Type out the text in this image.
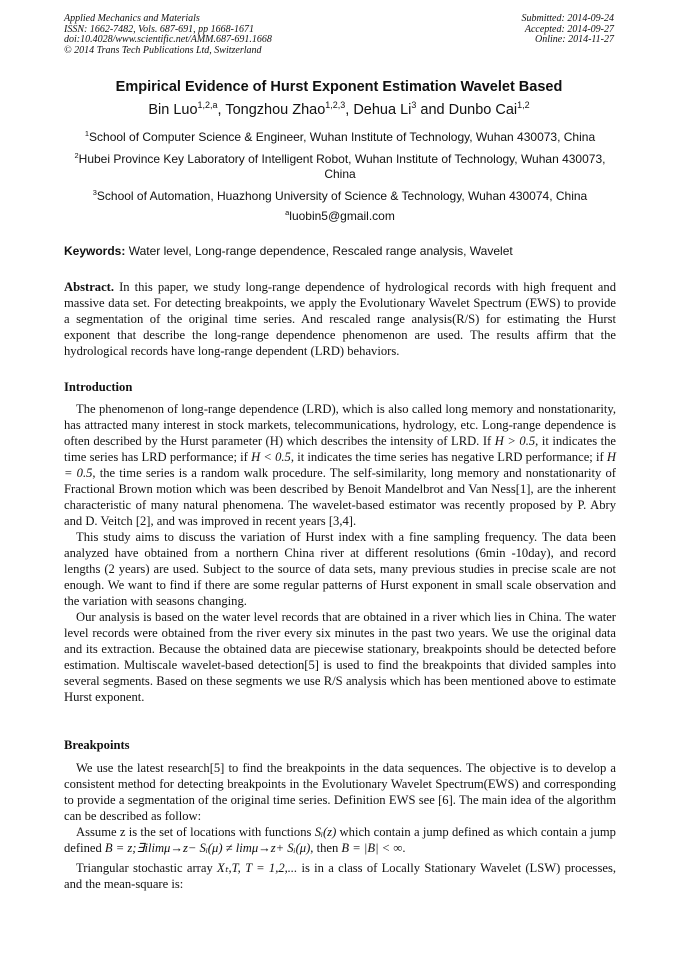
Applied Mechanics and Materials
ISSN: 1662-7482, Vols. 687-691, pp 1668-1671
doi:10.4028/www.scientific.net/AMM.687-691.1668
© 2014 Trans Tech Publications Ltd, Switzerland
Submitted: 2014-09-24
Accepted: 2014-09-27
Online: 2014-11-27
Empirical Evidence of Hurst Exponent Estimation Wavelet Based
Bin Luo$^{1,2,a}$, Tongzhou Zhao$^{1,2,3}$, Dehua Li$^3$ and Dunbo Cai$^{1,2}$
$^1$School of Computer Science & Engineer, Wuhan Institute of Technology, Wuhan 430073, China
$^2$Hubei Province Key Laboratory of Intelligent Robot, Wuhan Institute of Technology, Wuhan 430073, China
$^3$School of Automation, Huazhong University of Science & Technology, Wuhan 430074, China
$^a$luobin5@gmail.com
Keywords: Water level, Long-range dependence, Rescaled range analysis, Wavelet

Abstract. In this paper, we study long-range dependence of hydrological records with high frequent and massive data set. For detecting breakpoints, we apply the Evolutionary Wavelet Spectrum (EWS) to provide a segmentation of the original time series. And rescaled range analysis(R/S) for estimating the Hurst exponent that describe the long-range dependence phenomenon are used. The results affirm that the hydrological records have long-range dependent (LRD) behaviors.

Introduction

The phenomenon of long-range dependence (LRD), which is also called long memory and nonstationarity, has attracted many interest in stock markets, telecommunications, hydrology, etc. Long-range dependence is often described by the Hurst parameter (H) which describes the intensity of LRD. If H > 0.5, it indicates the time series has LRD performance; if H < 0.5, it indicates the time series has negative LRD performance; if H = 0.5, the time series is a random walk procedure. The self-similarity, long memory and nonstationarity of Fractional Brown motion which was been described by Benoit Mandelbrot and Van Ness[1], are the inherent characteristic of many natural phenomena. The wavelet-based estimator was recently proposed by P. Abry and D. Veitch [2], and was improved in recent years [3,4].

This study aims to discuss the variation of Hurst index with a fine sampling frequency. The data been analyzed have obtained from a northern China river at different resolutions (6min -10day), and record lengths (2 years) are used. Subject to the source of data sets, many previous studies in precise scale are not enough. We want to find if there are some regular patterns of Hurst exponent in small scale observation and the variation with seasons changing.

Our analysis is based on the water level records that are obtained in a river which lies in China. The water level records were obtained from the river every six minutes in the past two years. We use the original data and its extraction. Because the obtained data are piecewise stationary, breakpoints should be detected before estimation. Multiscale wavelet-based detection[5] is used to find the breakpoints that divided samples into several segments. Based on these segments we use R/S analysis which has been mentioned above to estimate Hurst exponent.

Breakpoints

We use the latest research[5] to find the breakpoints in the data sequences. The objective is to develop a consistent method for detecting breakpoints in the Evolutionary Wavelet Spectrum(EWS) and corresponding to provide a segmentation of the original time series. Definition EWS see [6]. The main idea of the algorithm can be described as follow:

Assume z is the set of locations with functions Sᵢ(z) which contain a jump defined as which contain a jump defined B = z;∃ilimμ→z− Sᵢ(μ) ≠ limμ→z+ Sᵢ(μ), then B = |B| < ∞.

Triangular stochastic array Xₜ,T, T = 1,2,... is in a class of Locally Stationary Wavelet (LSW) processes, and the mean-square is:
